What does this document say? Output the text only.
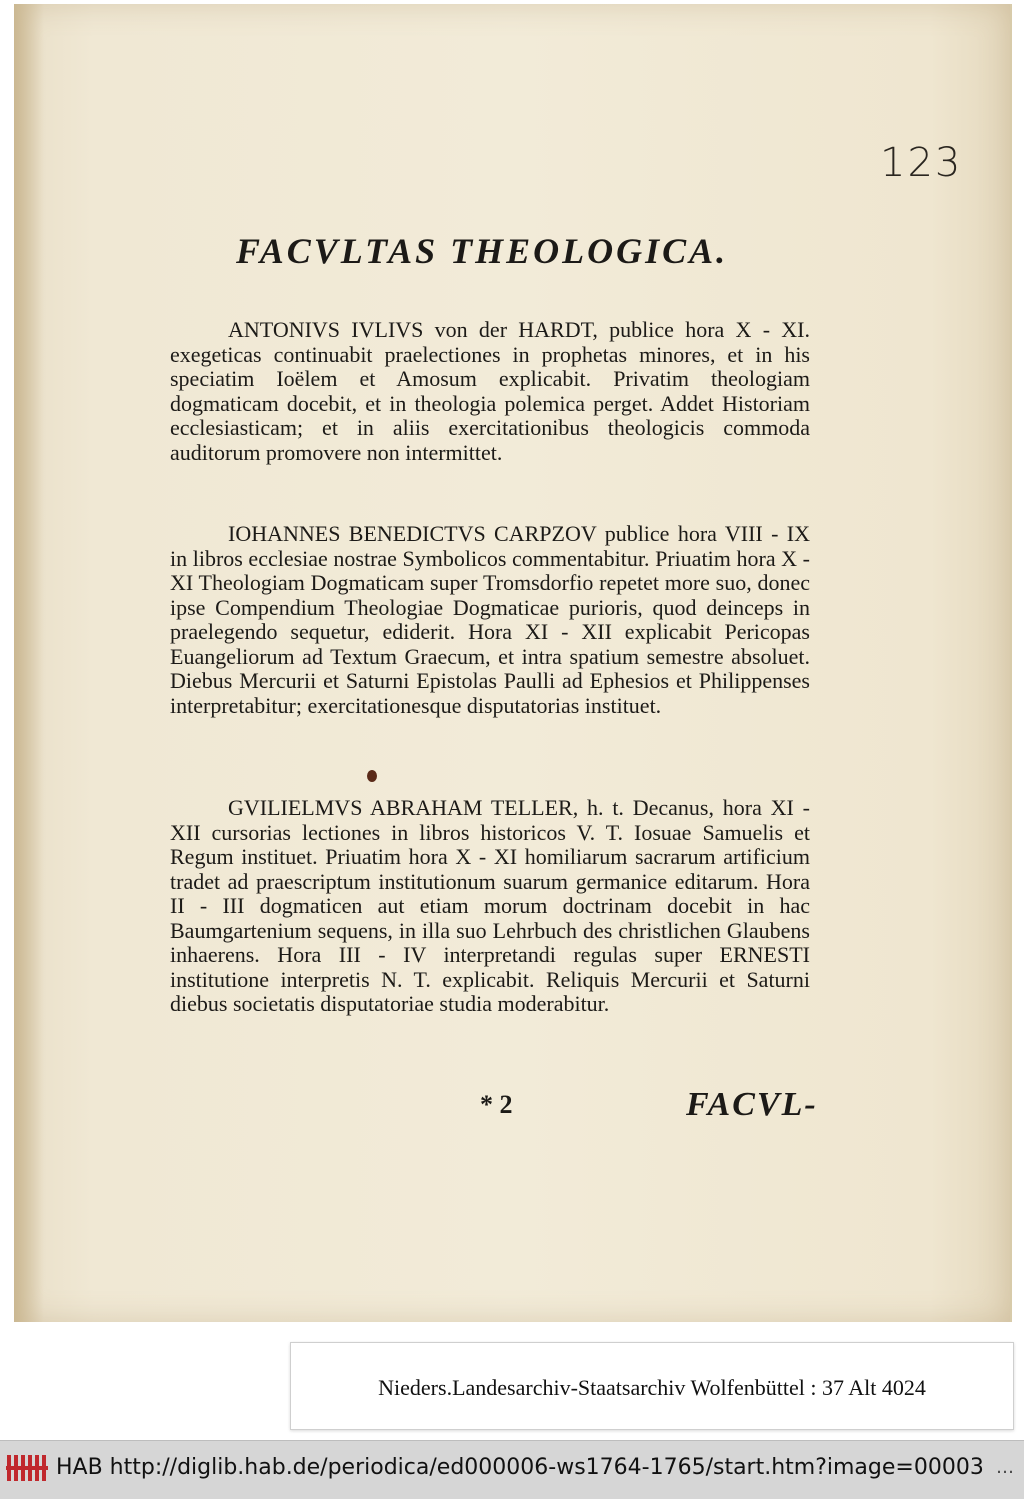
123
FACVLTAS THEOLOGICA.
ANTONIVS IVLIVS von der HARDT, publice hora X - XI. exegeticas continuabit praelectiones in prophetas minores, et in his speciatim Ioëlem et Amosum explicabit. Privatim theologiam dogmaticam docebit, et in theologia polemica perget. Addet Historiam ecclesiasticam; et in aliis exercitationibus theologicis commoda auditorum promovere non intermittet.
IOHANNES BENEDICTVS CARPZOV publice hora VIII - IX in libros ecclesiae nostrae Symbolicos commentabitur. Priuatim hora X - XI Theologiam Dogmaticam super Tromsdorfio repetet more suo, donec ipse Compendium Theologiae Dogmaticae purioris, quod deinceps in praelegendo sequetur, ediderit. Hora XI - XII explicabit Pericopas Euangeliorum ad Textum Graecum, et intra spatium semestre absoluet. Diebus Mercurii et Saturni Epistolas Paulli ad Ephesios et Philippenses interpretabitur; exercitationesque disputatorias instituet.
GVILIELMVS ABRAHAM TELLER, h. t. Decanus, hora XI - XII cursorias lectiones in libros historicos V. T. Iosuae Samuelis et Regum instituet. Priuatim hora X - XI homiliarum sacrarum artificium tradet ad praescriptum institutionum suarum germanice editarum. Hora II - III dogmaticen aut etiam morum doctrinam docebit in hac Baumgartenium sequens, in illa suo Lehrbuch des christlichen Glaubens inhaerens. Hora III - IV interpretandi regulas super ERNESTI institutione interpretis N. T. explicabit. Reliquis Mercurii et Saturni diebus societatis disputatoriae studia moderabitur.
* 2	FACVL-
Nieders.Landesarchiv-Staatsarchiv Wolfenbüttel : 37 Alt 4024
HAB http://diglib.hab.de/periodica/ed000006-ws1764-1765/start.htm?image=00003 …
